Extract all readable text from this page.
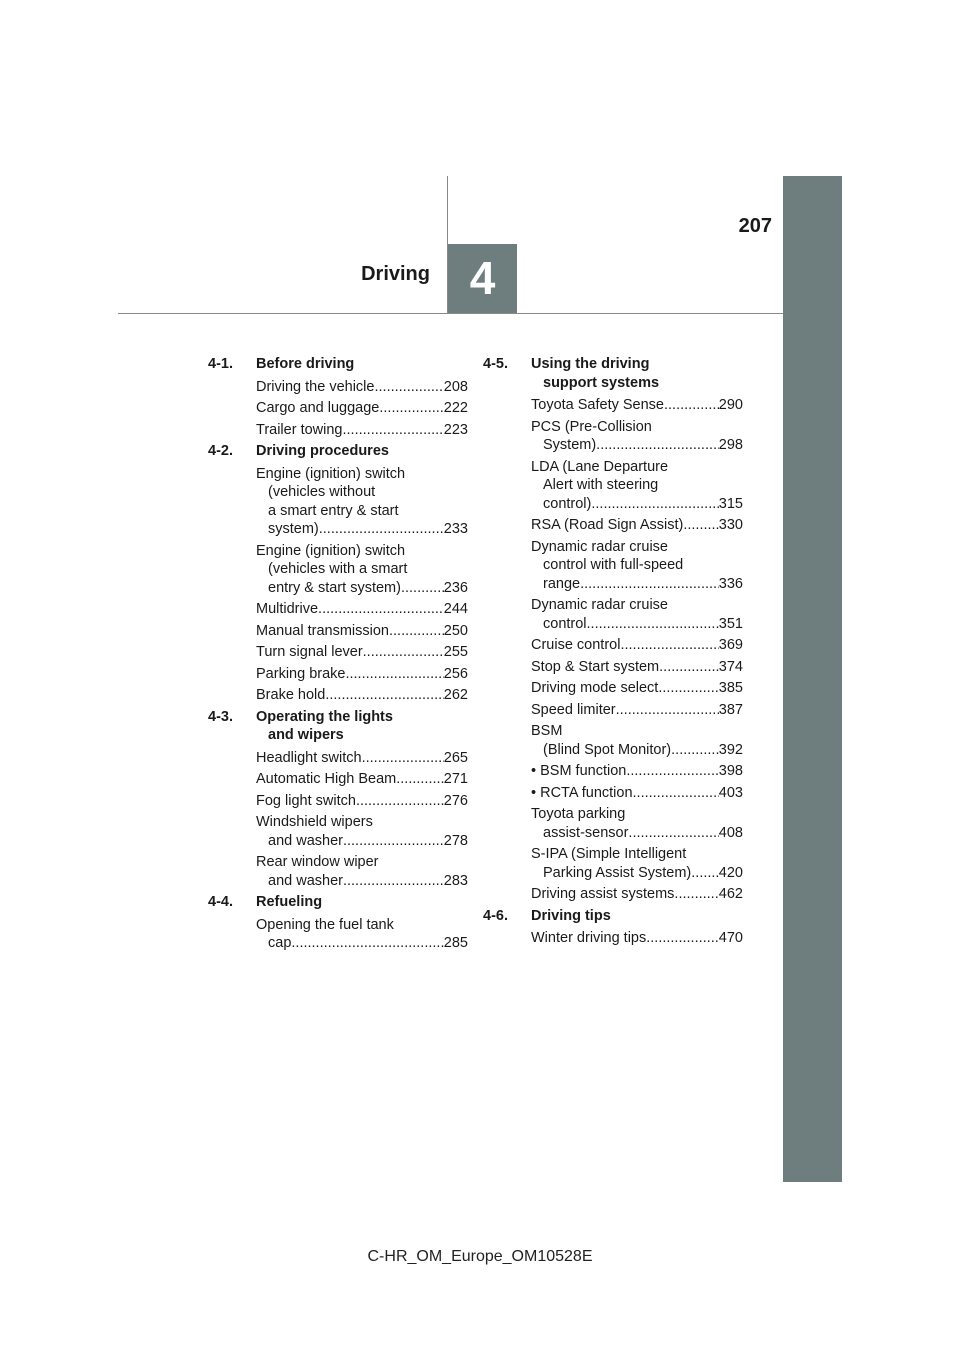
207
Driving 4
4-1.	Before driving
Driving the vehicle .....	208
Cargo and luggage .....	222
Trailer towing .....	223
4-2.	Driving procedures
Engine (ignition) switch
(vehicles without
a smart entry & start
system) .....	233
Engine (ignition) switch
(vehicles with a smart
entry & start system) .....	236
Multidrive .....	244
Manual transmission .....	250
Turn signal lever .....	255
Parking brake .....	256
Brake hold .....	262
4-3.	Operating the lights
and wipers
Headlight switch .....	265
Automatic High Beam .....	271
Fog light switch .....	276
Windshield wipers
and washer .....	278
Rear window wiper
and washer .....	283
4-4.	Refueling
Opening the fuel tank
cap .....	285
4-5.	Using the driving
support systems
Toyota Safety Sense .....	290
PCS (Pre-Collision
System) .....	298
LDA (Lane Departure
Alert with steering
control) .....	315
RSA (Road Sign Assist) ..... 330
Dynamic radar cruise
control with full-speed
range .....	336
Dynamic radar cruise
control .....	351
Cruise control .....	369
Stop & Start system .....	374
Driving mode select .....	385
Speed limiter .....	387
BSM
(Blind Spot Monitor) .....	392
• BSM function .....	398
• RCTA function .....	403
Toyota parking
assist-sensor .....	408
S-IPA (Simple Intelligent
Parking Assist System) ..... 420
Driving assist systems .....	462
4-6.	Driving tips
Winter driving tips .....	470
C-HR_OM_Europe_OM10528E
